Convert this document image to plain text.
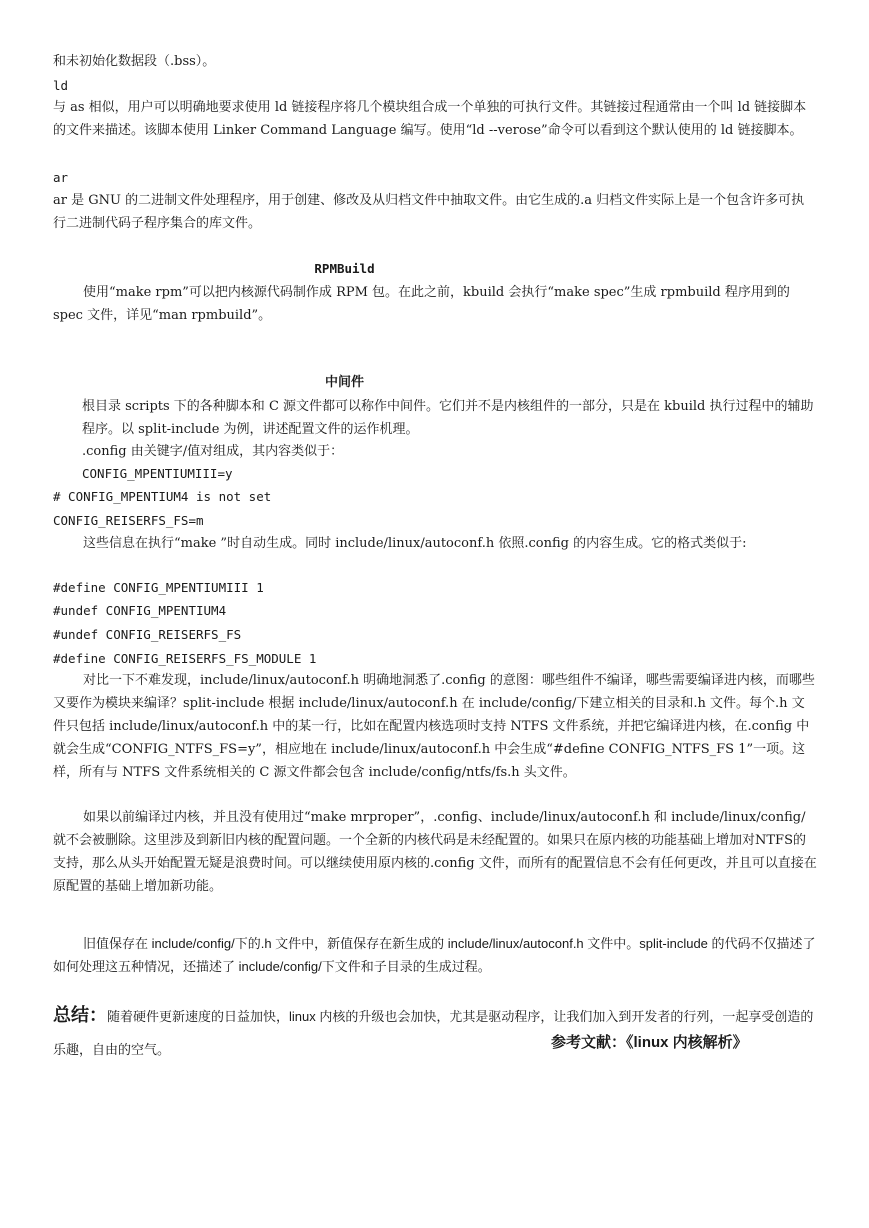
和未初始化数据段（.bss）。
ld
与 as 相似，用户可以明确地要求使用 ld 链接程序将几个模块组合成一个单独的可执行文件。其链接过程通常由一个叫 ld 链接脚本的文件来描述。该脚本使用 Linker Command Language 编写。使用“ld --verose”命令可以看到这个默认使用的 ld 链接脚本。
ar
ar 是 GNU 的二进制文件处理程序，用于创建、修改及从归档文件中抽取文件。由它生成的.a 归档文件实际上是一个包含许多可执行二进制代码子程序集合的库文件。
RPMBuild
使用“make rpm”可以把内核源代码制作成 RPM 包。在此之前，kbuild 会执行“make spec”生成 rpmbuild 程序用到的 spec 文件，详见“man rpmbuild”。
中间件
根目录 scripts 下的各种脚本和 C 源文件都可以称作中间件。它们并不是内核组件的一部分，只是在 kbuild 执行过程中的辅助程序。以 split-include 为例，讲述配置文件的运作机理。
.config 由关键字/值对组成，其内容类似于：
CONFIG_MPENTIUMIII=y
# CONFIG_MPENTIUM4 is not set
CONFIG_REISERFS_FS=m
这些信息在执行“make ”时自动生成。同时 include/linux/autoconf.h 依照.config 的内容生成。它的格式类似于:
#define CONFIG_MPENTIUMIII 1
#undef CONFIG_MPENTIUM4
#undef CONFIG_REISERFS_FS
#define CONFIG_REISERFS_FS_MODULE 1
对比一下不难发现，include/linux/autoconf.h 明确地洞悉了.config 的意图：哪些组件不编译，哪些需要编译进内核，而哪些又要作为模块来编译？split-include 根据 include/linux/autoconf.h 在 include/config/下建立相关的目录和.h 文件。每个.h 文件只包括 include/linux/autoconf.h 中的某一行，比如在配置内核选项时支持 NTFS 文件系统，并把它编译进内核，在.config 中就会生成“CONFIG_NTFS_FS=y”，相应地在 include/linux/autoconf.h 中会生成“#define CONFIG_NTFS_FS 1”一项。这样，所有与 NTFS 文件系统相关的 C 源文件都会包含 include/config/ntfs/fs.h 头文件。
如果以前编译过内核，并且没有使用过“make mrproper”，.config、include/linux/autoconf.h 和 include/linux/config/就不会被删除。这里涉及到新旧内核的配置问题。一个全新的内核代码是未经配置的。如果只在原内核的功能基础上增加对NTFS的支持，那么从头开始配置无疑是浪费时间。可以继续使用原内核的.config 文件，而所有的配置信息不会有任何更改，并且可以直接在原配置的基础上增加新功能。
旧值保存在 include/config/下的.h 文件中，新值保存在新生成的 include/linux/autoconf.h 文件中。split-include 的代码不仅描述了如何处理这五种情况，还描述了 include/config/下文件和子目录的生成过程。
总结：随着硬件更新速度的日益加快，linux 内核的升级也会加快，尤其是驱动程序，让我们加入到开发者的行列，一起享受创造的乐趣，自由的空气。	参考文献：《linux 内核解析》
